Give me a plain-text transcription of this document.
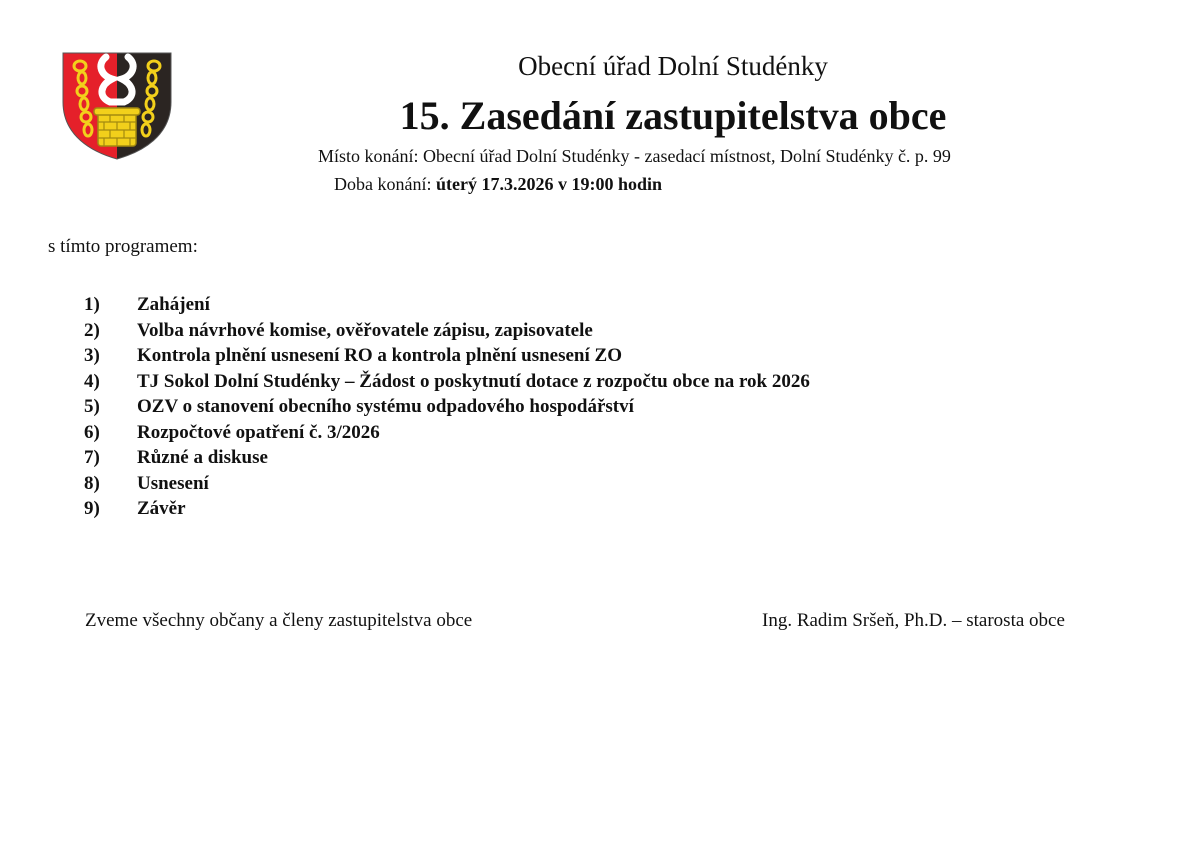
Obecní úřad Dolní Studénky
15. Zasedání zastupitelstva obce
Místo konání: Obecní úřad Dolní Studénky - zasedací místnost, Dolní Studénky č. p. 99
Doba konání: úterý 17.3.2026 v 19:00 hodin
s tímto programem:
1) Zahájení
2) Volba návrhové komise, ověřovatele zápisu, zapisovatele
3) Kontrola plnění usnesení RO a kontrola plnění usnesení ZO
4) TJ Sokol Dolní Studénky – Žádost o poskytnutí dotace z rozpočtu obce na rok 2026
5) OZV o stanovení obecního systému odpadového hospodářství
6) Rozpočtové opatření č. 3/2026
7) Různé a diskuse
8) Usnesení
9) Závěr
Zveme všechny občany a členy zastupitelstva obce	Ing. Radim Sršeň, Ph.D. – starosta obce
